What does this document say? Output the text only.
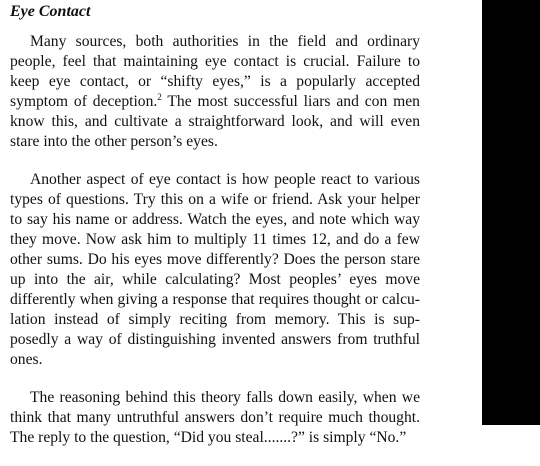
Eye Contact

Many sources, both authorities in the field and ordinary people, feel that maintaining eye contact is crucial. Failure to keep eye contact, or “shifty eyes,” is a popularly accepted symptom of deception.$^2$ The most successful liars and con men know this, and cultivate a straightforward look, and will even stare into the other person’s eyes.

Another aspect of eye contact is how people react to various types of questions. Try this on a wife or friend. Ask your helper to say his name or address. Watch the eyes, and note which way they move. Now ask him to multiply 11 times 12, and do a few other sums. Do his eyes move differently? Does the person stare up into the air, while calculating? Most peoples’ eyes move differently when giving a response that requires thought or calculation instead of simply reciting from memory. This is supposedly a way of distinguishing invented answers from truthful ones.

The reasoning behind this theory falls down easily, when we think that many untruthful answers don’t require much thought. The reply to the question, “Did you steal.......?” is simply “No.”
